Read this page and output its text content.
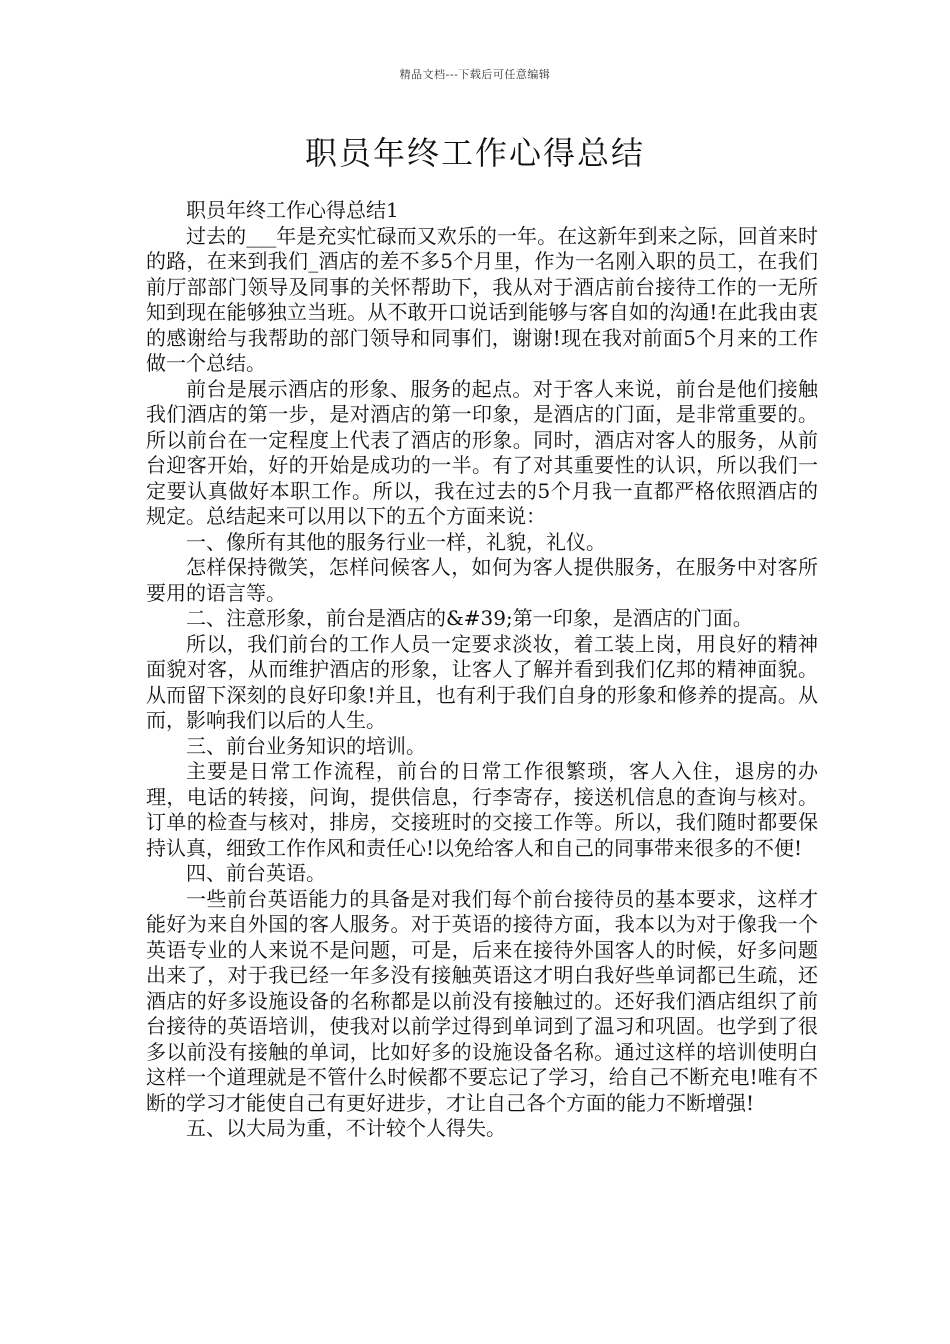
精品文档---下载后可任意编辑
职员年终工作心得总结

职员年终工作心得总结1

过去的___年是充实忙碌而又欢乐的一年。在这新年到来之际，回首来时的路，在来到我们_酒店的差不多5个月里，作为一名刚入职的员工，在我们前厅部部门领导及同事的关怀帮助下，我从对于酒店前台接待工作的一无所知到现在能够独立当班。从不敢开口说话到能够与客自如的沟通!在此我由衷的感谢给与我帮助的部门领导和同事们，谢谢!现在我对前面5个月来的工作做一个总结。

前台是展示酒店的形象、服务的起点。对于客人来说，前台是他们接触我们酒店的第一步，是对酒店的第一印象，是酒店的门面，是非常重要的。所以前台在一定程度上代表了酒店的形象。同时，酒店对客人的服务，从前台迎客开始，好的开始是成功的一半。有了对其重要性的认识，所以我们一定要认真做好本职工作。所以，我在过去的5个月我一直都严格依照酒店的规定。总结起来可以用以下的五个方面来说：

一、像所有其他的服务行业一样，礼貌，礼仪。

怎样保持微笑，怎样问候客人，如何为客人提供服务，在服务中对客所要用的语言等。

二、注意形象，前台是酒店的&#39;第一印象，是酒店的门面。

所以，我们前台的工作人员一定要求淡妆，着工装上岗，用良好的精神面貌对客，从而维护酒店的形象，让客人了解并看到我们亿邦的精神面貌。从而留下深刻的良好印象!并且，也有利于我们自身的形象和修养的提高。从而，影响我们以后的人生。

三、前台业务知识的培训。

主要是日常工作流程，前台的日常工作很繁琐，客人入住，退房的办理，电话的转接，问询，提供信息，行李寄存，接送机信息的查询与核对。订单的检查与核对，排房，交接班时的交接工作等。所以，我们随时都要保持认真，细致工作作风和责任心!以免给客人和自己的同事带来很多的不便!

四、前台英语。

一些前台英语能力的具备是对我们每个前台接待员的基本要求，这样才能好为来自外国的客人服务。对于英语的接待方面，我本以为对于像我一个英语专业的人来说不是问题，可是，后来在接待外国客人的时候，好多问题出来了，对于我已经一年多没有接触英语这才明白我好些单词都已生疏，还酒店的好多设施设备的名称都是以前没有接触过的。还好我们酒店组织了前台接待的英语培训，使我对以前学过得到单词到了温习和巩固。也学到了很多以前没有接触的单词，比如好多的设施设备名称。通过这样的培训使明白这样一个道理就是不管什么时候都不要忘记了学习，给自己不断充电!唯有不断的学习才能使自己有更好进步，才让自己各个方面的能力不断增强!

五、以大局为重，不计较个人得失。
